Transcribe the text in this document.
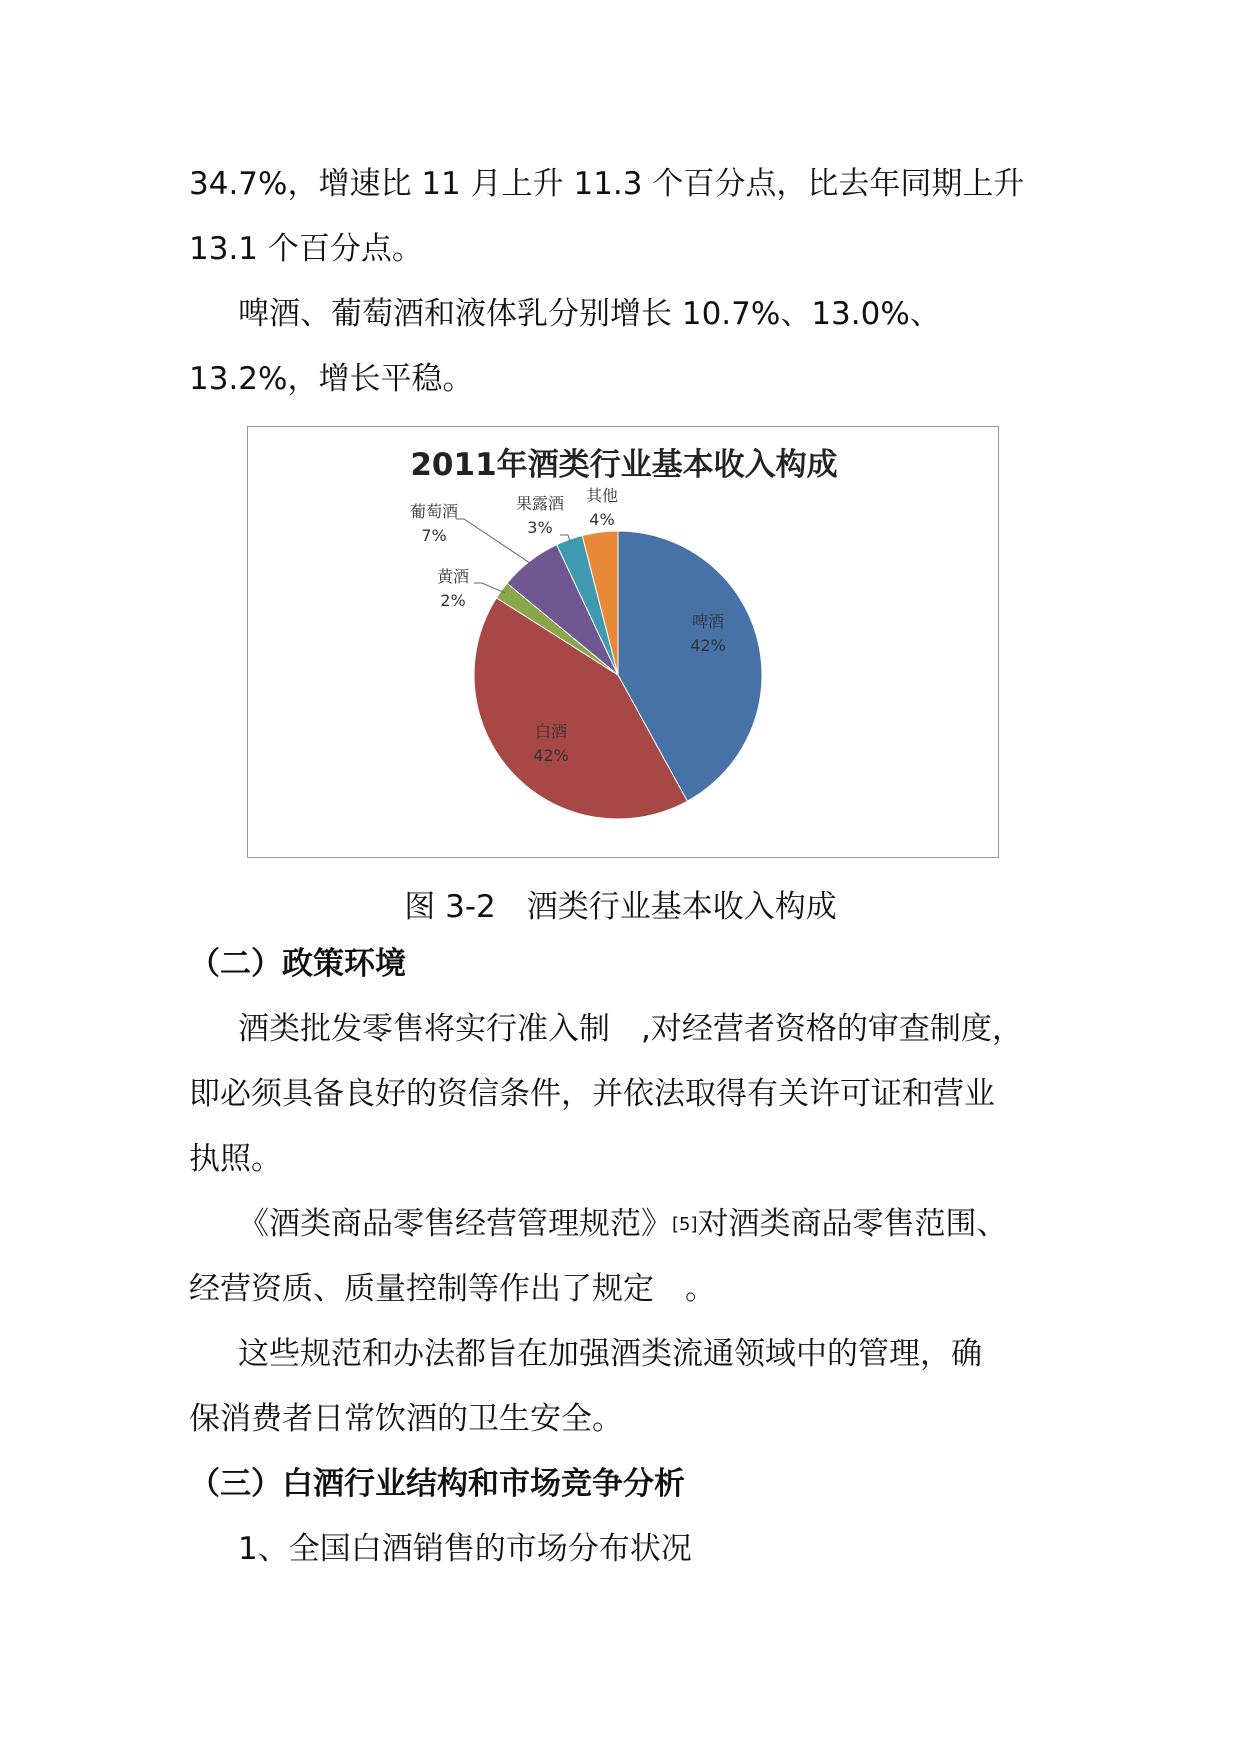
34.7%，增速比 11 月上升 11.3 个百分点，比去年同期上升
13.1 个百分点。
啤酒、葡萄酒和液体乳分别增长 10.7%、13.0%、
13.2%，增长平稳。
2011年酒类行业基本收入构成
啤酒
42%
白酒
42%
黄酒
2%
葡萄酒
7%
果露酒
3%
其他
4%
图 3-2　酒类行业基本收入构成
（二）政策环境
酒类批发零售将实行准入制　,对经营者资格的审查制度，
即必须具备良好的资信条件，并依法取得有关许可证和营业
执照。
《酒类商品零售经营管理规范》[5]对酒类商品零售范围、
经营资质、质量控制等作出了规定　。
这些规范和办法都旨在加强酒类流通领域中的管理，确
保消费者日常饮酒的卫生安全。
（三）白酒行业结构和市场竞争分析
1、全国白酒销售的市场分布状况
